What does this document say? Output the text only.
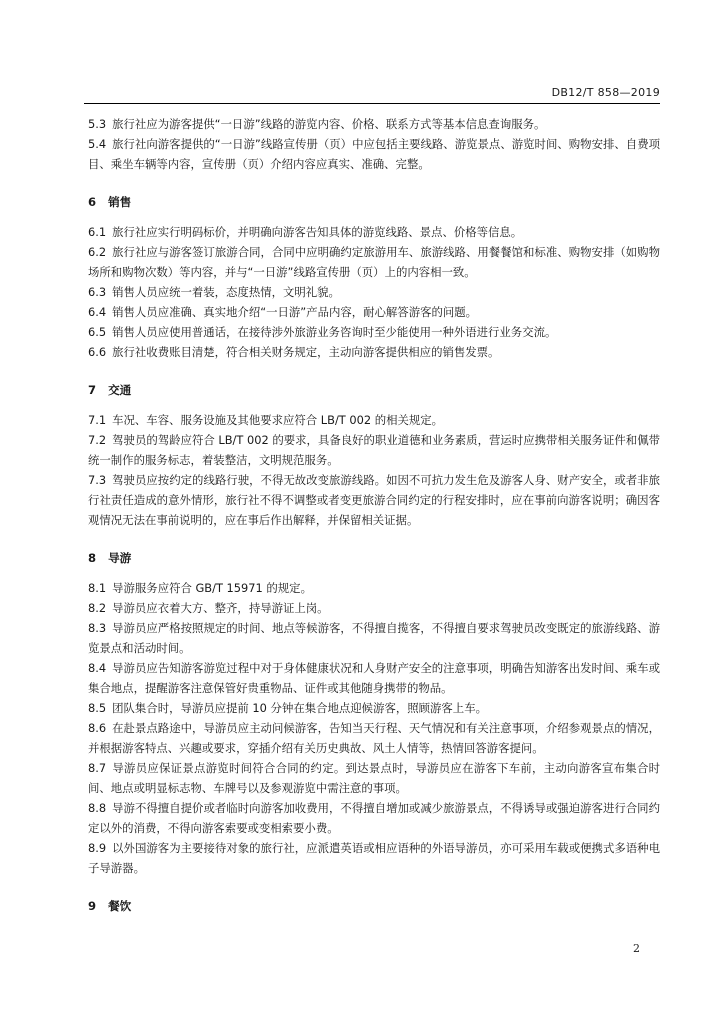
DB12/T 858—2019

5.3 旅行社应为游客提供“一日游”线路的游览内容、价格、联系方式等基本信息查询服务。

5.4 旅行社向游客提供的“一日游”线路宣传册（页）中应包括主要线路、游览景点、游览时间、购物安排、自费项目、乘坐车辆等内容，宣传册（页）介绍内容应真实、准确、完整。

6 销售

6.1 旅行社应实行明码标价，并明确向游客告知具体的游览线路、景点、价格等信息。

6.2 旅行社应与游客签订旅游合同，合同中应明确约定旅游用车、旅游线路、用餐餐馆和标准、购物安排（如购物场所和购物次数）等内容，并与“一日游”线路宣传册（页）上的内容相一致。

6.3 销售人员应统一着装，态度热情，文明礼貌。

6.4 销售人员应准确、真实地介绍“一日游”产品内容，耐心解答游客的问题。

6.5 销售人员应使用普通话，在接待涉外旅游业务咨询时至少能使用一种外语进行业务交流。

6.6 旅行社收费账目清楚，符合相关财务规定，主动向游客提供相应的销售发票。

7 交通

7.1 车况、车容、服务设施及其他要求应符合 LB/T 002 的相关规定。

7.2 驾驶员的驾龄应符合 LB/T 002 的要求，具备良好的职业道德和业务素质，营运时应携带相关服务证件和佩带统一制作的服务标志，着装整洁，文明规范服务。

7.3 驾驶员应按约定的线路行驶，不得无故改变旅游线路。如因不可抗力发生危及游客人身、财产安全，或者非旅行社责任造成的意外情形，旅行社不得不调整或者变更旅游合同约定的行程安排时，应在事前向游客说明；确因客观情况无法在事前说明的，应在事后作出解释，并保留相关证据。

8 导游

8.1 导游服务应符合 GB/T 15971 的规定。

8.2 导游员应衣着大方、整齐，持导游证上岗。

8.3 导游员应严格按照规定的时间、地点等候游客，不得擅自揽客，不得擅自要求驾驶员改变既定的旅游线路、游览景点和活动时间。

8.4 导游员应告知游客游览过程中对于身体健康状况和人身财产安全的注意事项，明确告知游客出发时间、乘车或集合地点，提醒游客注意保管好贵重物品、证件或其他随身携带的物品。

8.5 团队集合时，导游员应提前 10 分钟在集合地点迎候游客，照顾游客上车。

8.6 在赴景点路途中，导游员应主动问候游客，告知当天行程、天气情况和有关注意事项，介绍参观景点的情况，并根据游客特点、兴趣或要求，穿插介绍有关历史典故、风土人情等，热情回答游客提问。

8.7 导游员应保证景点游览时间符合合同的约定。到达景点时，导游员应在游客下车前，主动向游客宣布集合时间、地点或明显标志物、车牌号以及参观游览中需注意的事项。

8.8 导游不得擅自提价或者临时向游客加收费用，不得擅自增加或减少旅游景点，不得诱导或强迫游客进行合同约定以外的消费，不得向游客索要或变相索要小费。

8.9 以外国游客为主要接待对象的旅行社，应派遣英语或相应语种的外语导游员，亦可采用车载或便携式多语种电子导游器。

9 餐饮
2
